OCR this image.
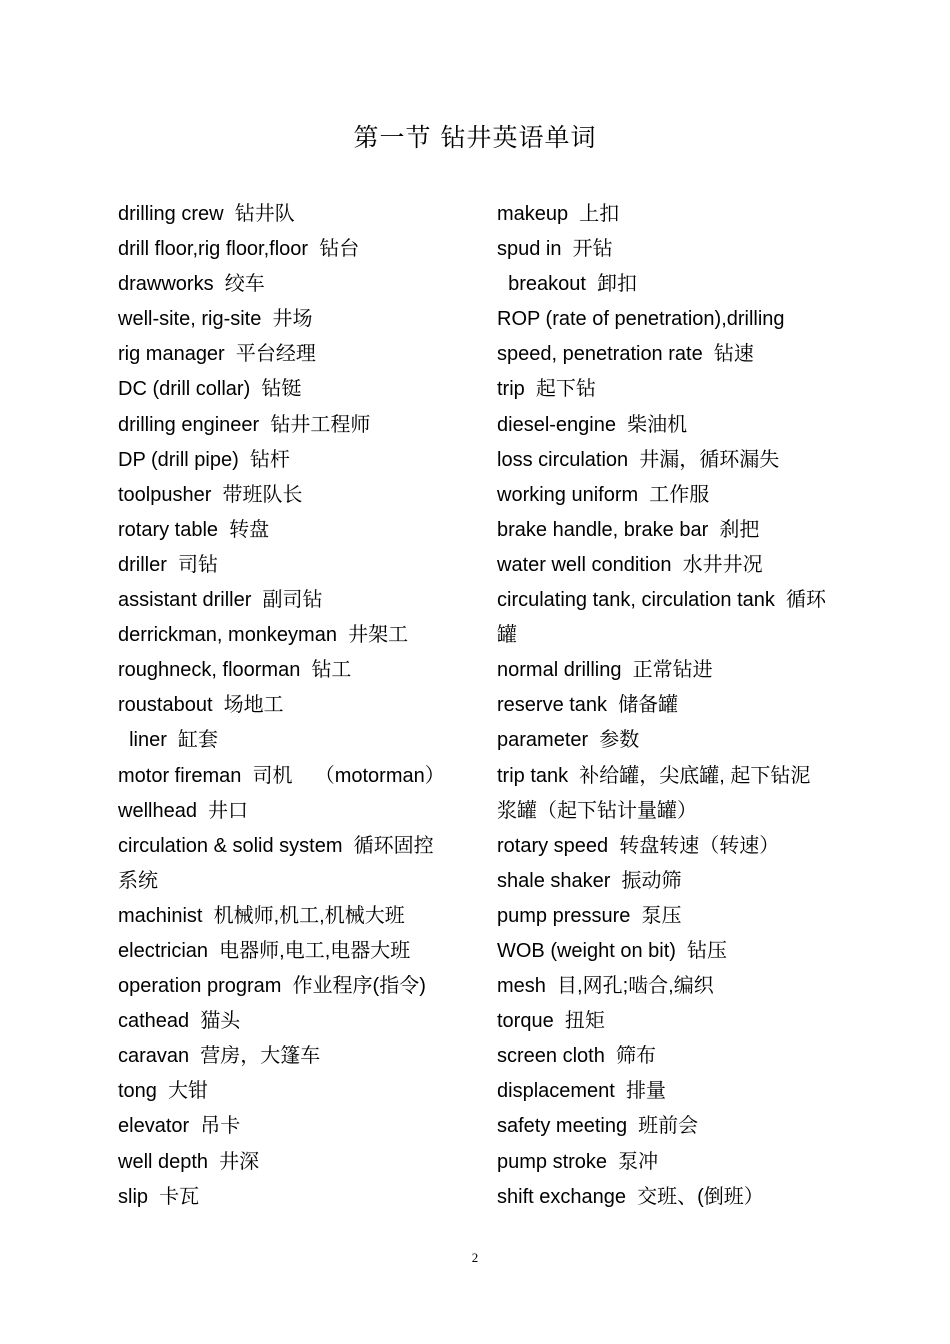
第一节 钻井英语单词
drilling crew  钻井队
drill floor,rig floor,floor  钻台
drawworks  绞车
well-site, rig-site  井场
rig manager  平台经理
DC (drill collar)  钻铤
drilling engineer  钻井工程师
DP (drill pipe)  钻杆
toolpusher  带班队长
rotary table  转盘
driller  司钻
assistant driller  副司钻
derrickman, monkeyman  井架工
roughneck, floorman  钻工
roustabout  场地工
liner  缸套
motor fireman  司机    （motorman）
wellhead  井口
circulation & solid system  循环固控
系统
machinist  机械师,机工,机械大班
electrician  电器师,电工,电器大班
operation program  作业程序(指令)
cathead  猫头
caravan  营房，大篷车
tong  大钳
elevator  吊卡
well depth  井深
slip  卡瓦
makeup  上扣
spud in  开钻
breakout  卸扣
ROP (rate of penetration),drilling
speed, penetration rate  钻速
trip  起下钻
diesel-engine  柴油机
loss circulation  井漏，循环漏失
working uniform  工作服
brake handle, brake bar  刹把
water well condition  水井井况
circulating tank, circulation tank  循环
罐
normal drilling  正常钻进
reserve tank  储备罐
parameter  参数
trip tank  补给罐，尖底罐, 起下钻泥
浆罐（起下钻计量罐）
rotary speed  转盘转速（转速）
shale shaker  振动筛
pump pressure  泵压
WOB (weight on bit)  钻压
mesh  目,网孔;啮合,编织
torque  扭矩
screen cloth  筛布
displacement  排量
safety meeting  班前会
pump stroke  泵冲
shift exchange  交班、(倒班）
2
